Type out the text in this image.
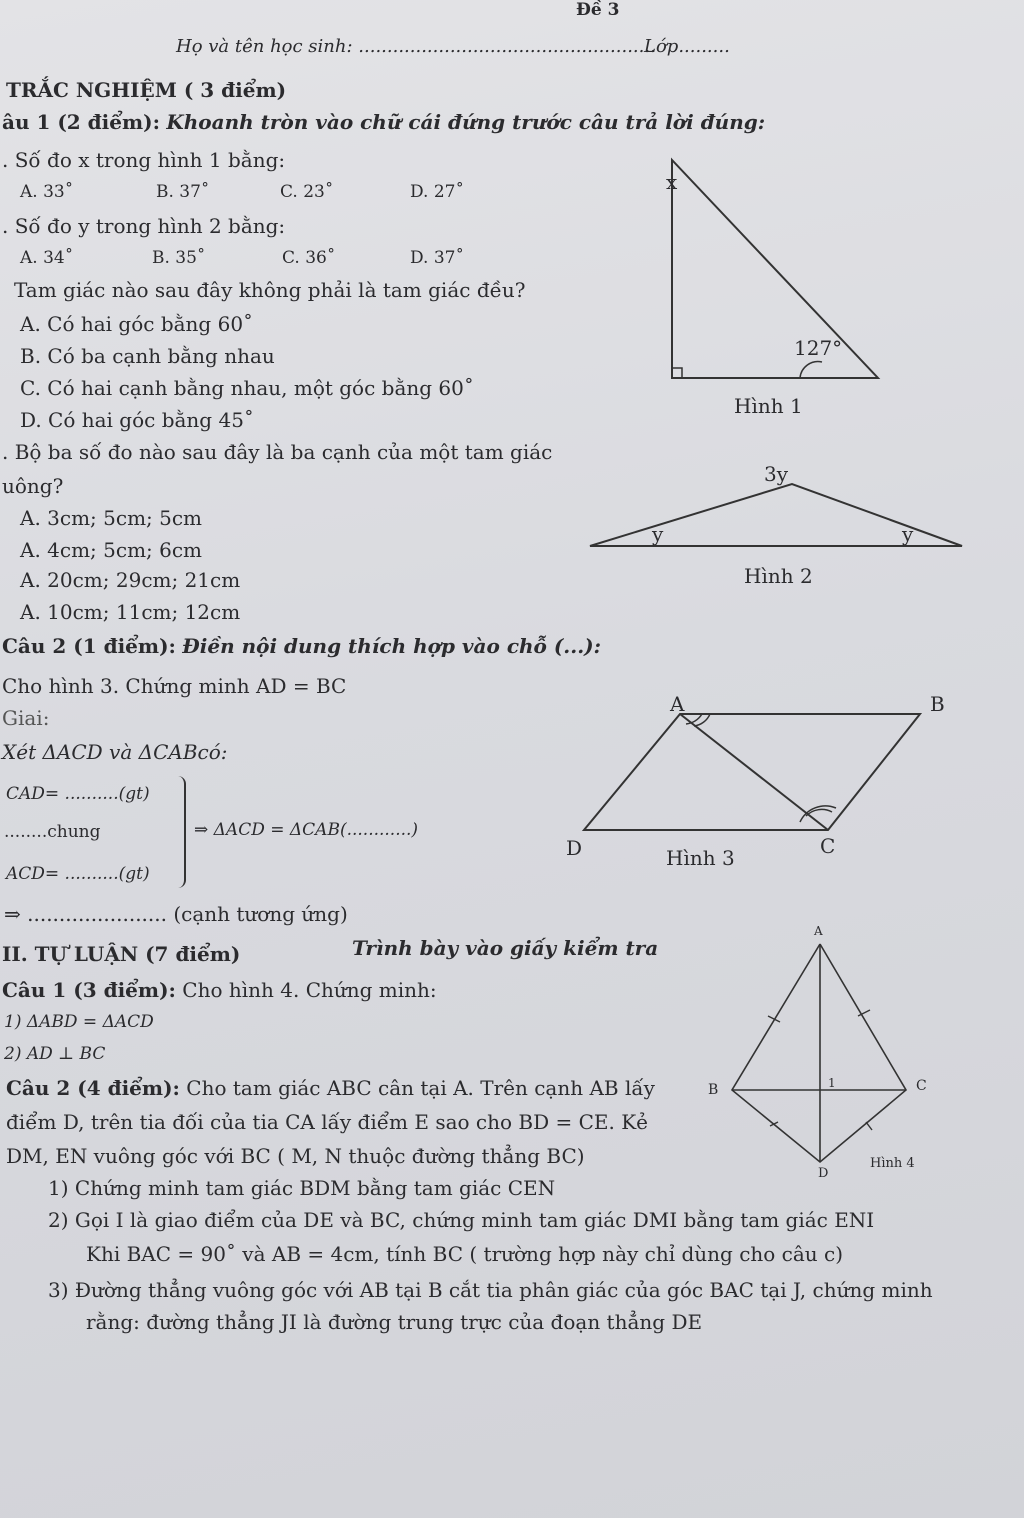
Đề 3
Họ và tên học sinh: ....................................................
Lớp.........
TRẮC NGHIỆM ( 3 điểm)
âu 1 (2 điểm): Khoanh tròn vào chữ cái đứng trước câu trả lời đúng:
. Số đo x trong hình 1 bằng:
A. 33˚	B. 37˚	C. 23˚	D. 27˚
. Số đo y trong hình 2 bằng:
A. 34˚	B. 35˚	C. 36˚	D. 37˚
Tam giác nào sau đây không phải là tam giác đều?
A. Có hai góc bằng 60˚
B. Có ba cạnh bằng nhau
C. Có hai cạnh bằng nhau, một góc bằng 60˚
D. Có hai góc bằng 45˚
. Bộ ba số đo nào sau đây là ba cạnh của một tam giác
uông?
A. 3cm; 5cm; 5cm
A. 4cm; 5cm; 6cm
A. 20cm; 29cm; 21cm
A. 10cm; 11cm; 12cm
Câu 2 (1 điểm): Điền nội dung thích hợp vào chỗ (...):
Cho hình 3. Chứng minh AD = BC
Giai:
Xét ΔACD và ΔCABcó:
CAD= ..........(gt)
........chung
ACD= ..........(gt)
⇒ ΔACD = ΔCAB(............)
⇒ ...................... (cạnh tương ứng)
II. TỰ LUẬN (7 điểm)	Trình bày vào giấy kiểm tra
Câu 1 (3 điểm): Cho hình 4. Chứng minh:
1) ΔABD = ΔACD
2) AD ⊥ BC
Câu 2 (4 điểm): Cho tam giác ABC cân tại A. Trên cạnh AB lấy
điểm D, trên tia đối của tia CA lấy điểm E sao cho BD = CE. Kẻ
DM, EN vuông góc với BC ( M, N thuộc đường thẳng BC)
1) Chứng minh tam giác BDM bằng tam giác CEN
2) Gọi I là giao điểm của DE và BC, chứng minh tam giác DMI bằng tam giác ENI
Khi BAC = 90˚ và AB = 4cm, tính BC ( trường hợp này chỉ dùng cho câu c)
3) Đường thẳng vuông góc với AB tại B cắt tia phân giác của góc BAC tại J, chứng minh
rằng: đường thẳng JI là đường trung trực của đoạn thẳng DE
x
127°
Hình 1
3y
y	y
Hình 2
A	B
C
D	Hình 3
A
B	C
D
1
Hình 4
